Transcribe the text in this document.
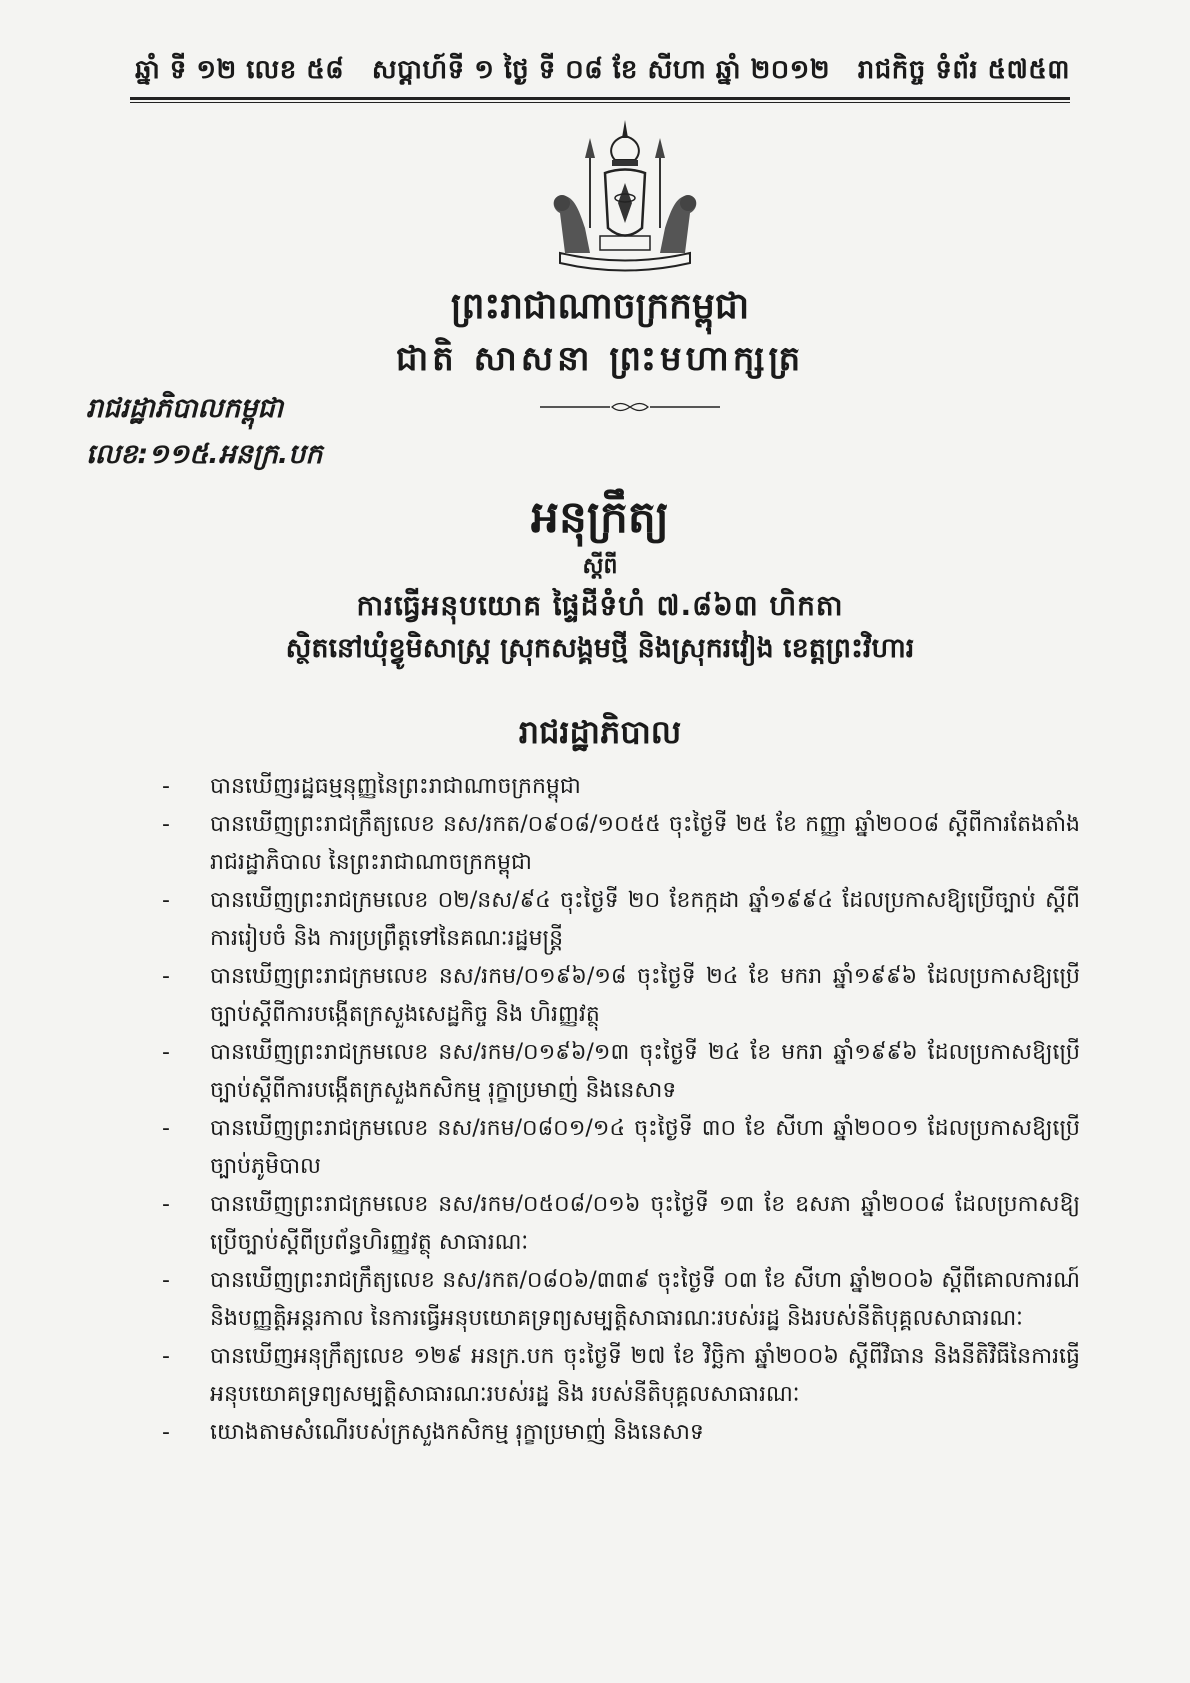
ឆ្នាំ ទី ១២ លេខ ៥៨ សប្តាហ៍ទី ១ ថ្ងៃ ទី ០៨ ខែ សីហា ឆ្នាំ ២០១២ រាជកិច្ច ទំព័រ ៥៧៥៣
ព្រះរាជាណាចក្រកម្ពុជា
ជាតិ សាសនា ព្រះមហាក្សត្រ
រាជរដ្ឋាភិបាលកម្ពុជា
លេខ:១១៥.អនក្រ.បក
អនុក្រឹត្យ
ស្តីពី
ការធ្វើអនុបយោគ ផ្ទៃដីទំហំ ៧.៨៦៣ ហិកតា
ស្ថិតនៅឃុំខ្វូមិសាស្ត្រ ស្រុកសង្គមថ្មី និងស្រុករវៀង ខេត្តព្រះវិហារ
រាជរដ្ឋាភិបាល
- បានឃើញរដ្ឋធម្មនុញ្ញនៃព្រះរាជាណាចក្រកម្ពុជា
- បានឃើញព្រះរាជក្រឹត្យលេខ នស/រកត/០៩០៨/១០៥៥ ចុះថ្ងៃទី ២៥ ខែ កញ្ញា ឆ្នាំ២០០៨ ស្តីពីការតែងតាំងរាជរដ្ឋាភិបាល នៃព្រះរាជាណាចក្រកម្ពុជា
- បានឃើញព្រះរាជក្រមលេខ ០២/នស/៩៤ ចុះថ្ងៃទី ២០ ខែកក្កដា ឆ្នាំ១៩៩៤ ដែលប្រកាសឱ្យប្រើច្បាប់ ស្តីពីការរៀបចំ និង ការប្រព្រឹត្តទៅនៃគណៈរដ្ឋមន្ត្រី
- បានឃើញព្រះរាជក្រមលេខ នស/រកម/០១៩៦/១៨ ចុះថ្ងៃទី ២៤ ខែ មករា ឆ្នាំ១៩៩៦ ដែលប្រកាសឱ្យប្រើច្បាប់ស្តីពីការបង្កើតក្រសួងសេដ្ឋកិច្ច និង ហិរញ្ញវត្ថុ
- បានឃើញព្រះរាជក្រមលេខ នស/រកម/០១៩៦/១៣ ចុះថ្ងៃទី ២៤ ខែ មករា ឆ្នាំ១៩៩៦ ដែលប្រកាសឱ្យប្រើច្បាប់ស្តីពីការបង្កើតក្រសួងកសិកម្ម រុក្ខាប្រមាញ់ និងនេសាទ
- បានឃើញព្រះរាជក្រមលេខ នស/រកម/០៨០១/១៤ ចុះថ្ងៃទី ៣០ ខែ សីហា ឆ្នាំ២០០១ ដែលប្រកាសឱ្យប្រើច្បាប់ភូមិបាល
- បានឃើញព្រះរាជក្រមលេខ នស/រកម/០៥០៨/០១៦ ចុះថ្ងៃទី ១៣ ខែ ឧសភា ឆ្នាំ២០០៨ ដែលប្រកាសឱ្យប្រើច្បាប់ស្តីពីប្រព័ន្ធហិរញ្ញវត្ថុ សាធារណៈ
- បានឃើញព្រះរាជក្រឹត្យលេខ នស/រកត/០៨០៦/៣៣៩ ចុះថ្ងៃទី ០៣ ខែ សីហា ឆ្នាំ២០០៦ ស្តីពីគោលការណ៍ និងបញ្ញត្តិអន្តរកាល នៃការធ្វើអនុបយោគទ្រព្យសម្បត្តិសាធារណៈរបស់រដ្ឋ និងរបស់នីតិបុគ្គលសាធារណៈ
- បានឃើញអនុក្រឹត្យលេខ ១២៩ អនក្រ.បក ចុះថ្ងៃទី ២៧ ខែ វិច្ឆិកា ឆ្នាំ២០០៦ ស្តីពីវិធាន និងនីតិវិធីនៃការធ្វើអនុបយោគទ្រព្យសម្បត្តិសាធារណៈរបស់រដ្ឋ និង របស់នីតិបុគ្គលសាធារណៈ
- យោងតាមសំណើរបស់ក្រសួងកសិកម្ម រុក្ខាប្រមាញ់ និងនេសាទ
